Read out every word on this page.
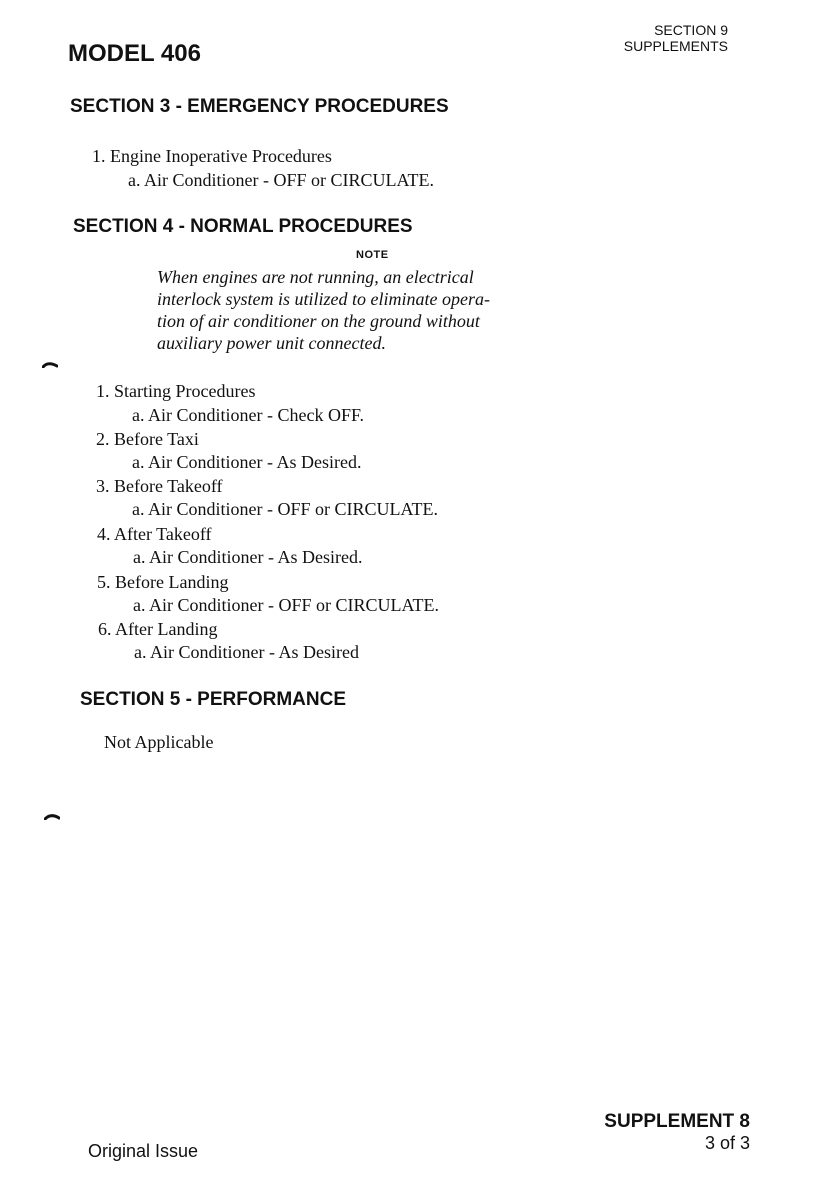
MODEL 406
SECTION 9
SUPPLEMENTS
SECTION 3 - EMERGENCY PROCEDURES
1. Engine Inoperative Procedures
a. Air Conditioner - OFF or CIRCULATE.
SECTION 4 - NORMAL PROCEDURES
NOTE
When engines are not running, an electrical
interlock system is utilized to eliminate opera-
tion of air conditioner on the ground without
auxiliary power unit connected.
1. Starting Procedures
a. Air Conditioner - Check OFF.
2. Before Taxi
a. Air Conditioner - As Desired.
3. Before Takeoff
a. Air Conditioner - OFF or CIRCULATE.
4. After Takeoff
a. Air Conditioner - As Desired.
5. Before Landing
a. Air Conditioner - OFF or CIRCULATE.
6. After Landing
a. Air Conditioner - As Desired
SECTION 5 - PERFORMANCE
Not Applicable
Original Issue
SUPPLEMENT 8
3 of 3
